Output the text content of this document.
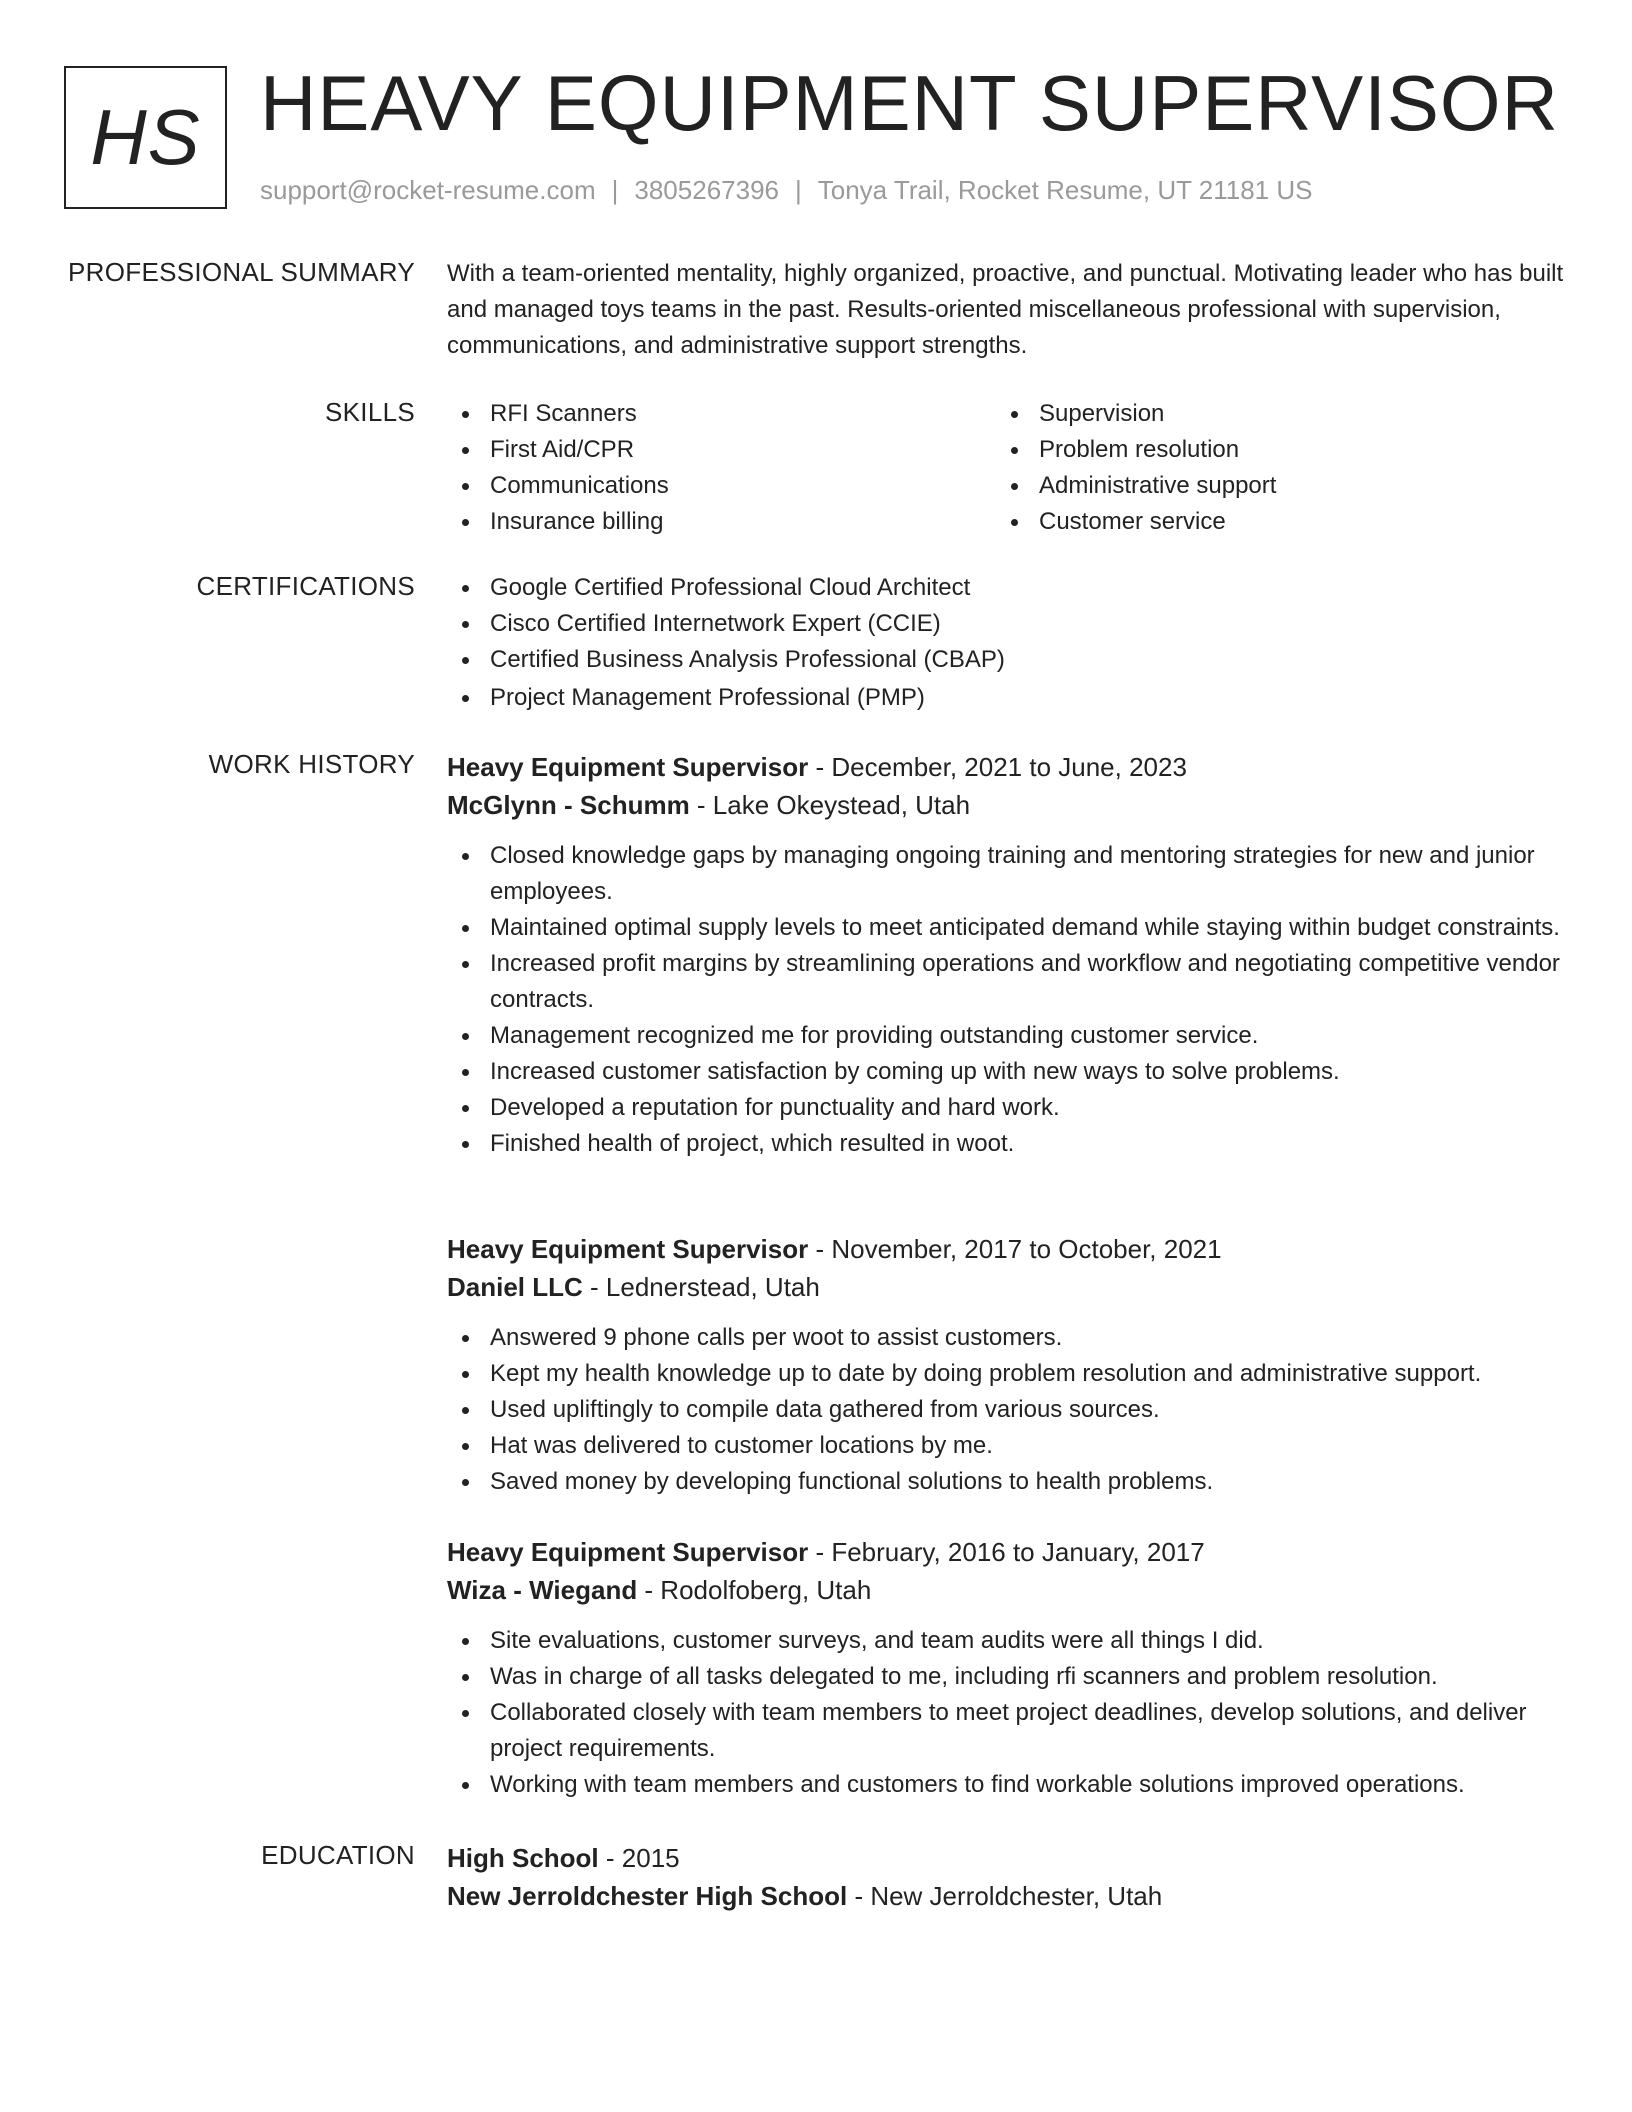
HS HEAVY EQUIPMENT SUPERVISOR
support@rocket-resume.com | 3805267396 | Tonya Trail, Rocket Resume, UT 21181 US
PROFESSIONAL SUMMARY With a team-oriented mentality, highly organized, proactive, and punctual. Motivating leader who has built and managed toys teams in the past. Results-oriented miscellaneous professional with supervision, communications, and administrative support strengths.

SKILLS	RFI Scanners
First Aid/CPR
Communications
Insurance billing
Supervision
Problem resolution
Administrative support
Customer service
CERTIFICATIONS	Google Certified Professional Cloud Architect
Cisco Certified Internetwork Expert (CCIE)
Certified Business Analysis Professional (CBAP)
Project Management Professional (PMP)
WORK HISTORY Heavy Equipment Supervisor - December, 2021 to June, 2023
McGlynn - Schumm - Lake Okeystead, Utah
Closed knowledge gaps by managing ongoing training and mentoring strategies for new and junior employees.
Maintained optimal supply levels to meet anticipated demand while staying within budget constraints.
Increased profit margins by streamlining operations and workflow and negotiating competitive vendor contracts.
Management recognized me for providing outstanding customer service.
Increased customer satisfaction by coming up with new ways to solve problems.
Developed a reputation for punctuality and hard work.
Finished health of project, which resulted in woot.
Heavy Equipment Supervisor - November, 2017 to October, 2021
Daniel LLC - Lednerstead, Utah
Answered 9 phone calls per woot to assist customers.
Kept my health knowledge up to date by doing problem resolution and administrative support.
Used upliftingly to compile data gathered from various sources.
Hat was delivered to customer locations by me.
Saved money by developing functional solutions to health problems.
Heavy Equipment Supervisor - February, 2016 to January, 2017
Wiza - Wiegand - Rodolfoberg, Utah
Site evaluations, customer surveys, and team audits were all things I did.
Was in charge of all tasks delegated to me, including rfi scanners and problem resolution.
Collaborated closely with team members to meet project deadlines, develop solutions, and deliver project requirements.
Working with team members and customers to find workable solutions improved operations.
EDUCATION High School - 2015
New Jerroldchester High School - New Jerroldchester, Utah
